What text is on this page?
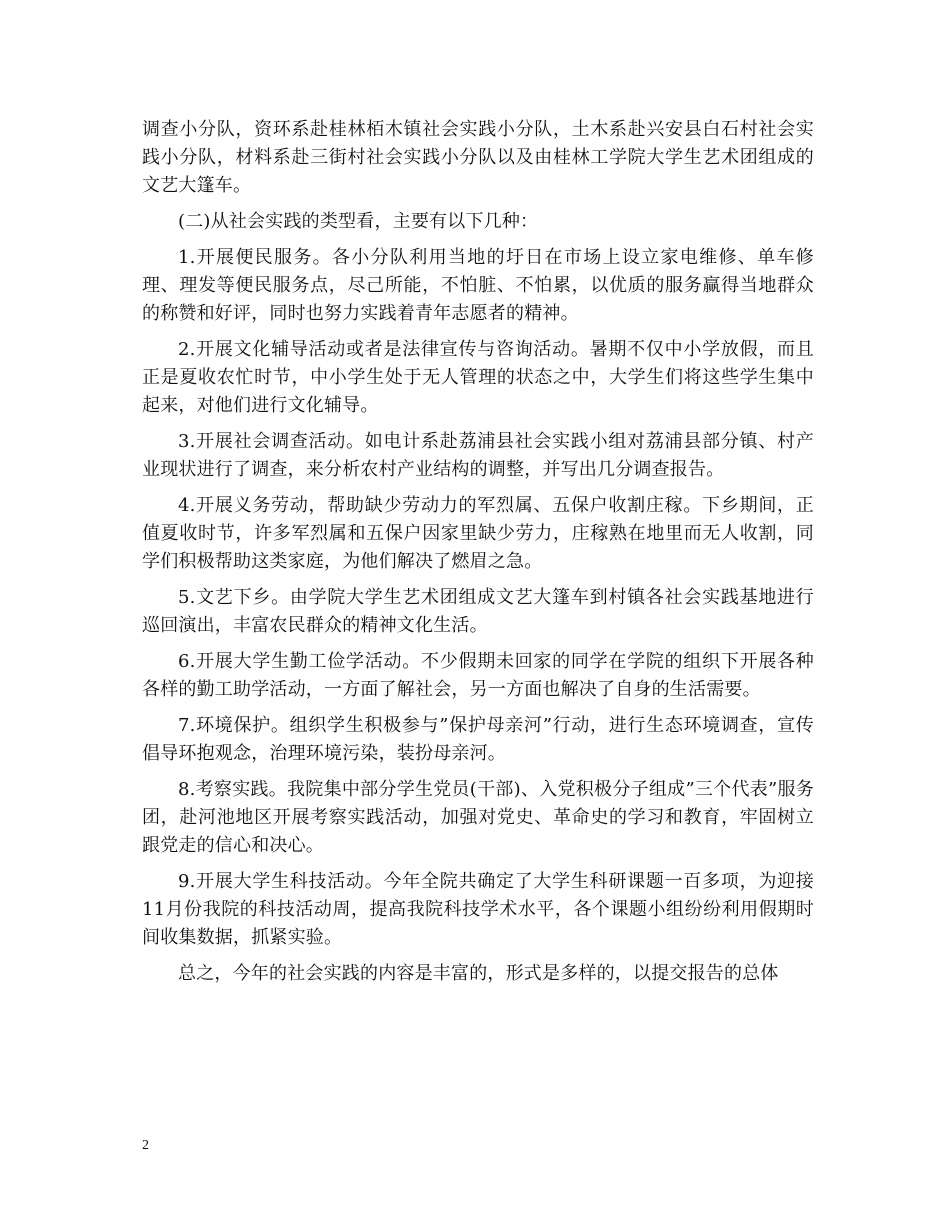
调查小分队，资环系赴桂林栢木镇社会实践小分队，土木系赴兴安县白石村社会实践小分队，材料系赴三街村社会实践小分队以及由桂林工学院大学生艺术团组成的文艺大篷车。

(二)从社会实践的类型看，主要有以下几种：

1.开展便民服务。各小分队利用当地的圩日在市场上设立家电维修、单车修理、理发等便民服务点，尽己所能，不怕脏、不怕累，以优质的服务赢得当地群众的称赞和好评，同时也努力实践着青年志愿者的精神。

2.开展文化辅导活动或者是法律宣传与咨询活动。暑期不仅中小学放假，而且正是夏收农忙时节，中小学生处于无人管理的状态之中，大学生们将这些学生集中起来，对他们进行文化辅导。

3.开展社会调查活动。如电计系赴荔浦县社会实践小组对荔浦县部分镇、村产业现状进行了调查，来分析农村产业结构的调整，并写出几分调查报告。

4.开展义务劳动，帮助缺少劳动力的军烈属、五保户收割庄稼。下乡期间，正值夏收时节，许多军烈属和五保户因家里缺少劳力，庄稼熟在地里而无人收割，同学们积极帮助这类家庭，为他们解决了燃眉之急。

5.文艺下乡。由学院大学生艺术团组成文艺大篷车到村镇各社会实践基地进行巡回演出，丰富农民群众的精神文化生活。

6.开展大学生勤工俭学活动。不少假期未回家的同学在学院的组织下开展各种各样的勤工助学活动，一方面了解社会，另一方面也解决了自身的生活需要。

7.环境保护。组织学生积极参与”保护母亲河”行动，进行生态环境调查，宣传倡导环抱观念，治理环境污染，装扮母亲河。

8.考察实践。我院集中部分学生党员(干部)、入党积极分子组成”三个代表”服务团，赴河池地区开展考察实践活动，加强对党史、革命史的学习和教育，牢固树立跟党走的信心和决心。

9.开展大学生科技活动。今年全院共确定了大学生科研课题一百多项，为迎接11月份我院的科技活动周，提高我院科技学术水平，各个课题小组纷纷利用假期时间收集数据，抓紧实验。

总之，今年的社会实践的内容是丰富的，形式是多样的，以提交报告的总体

2
